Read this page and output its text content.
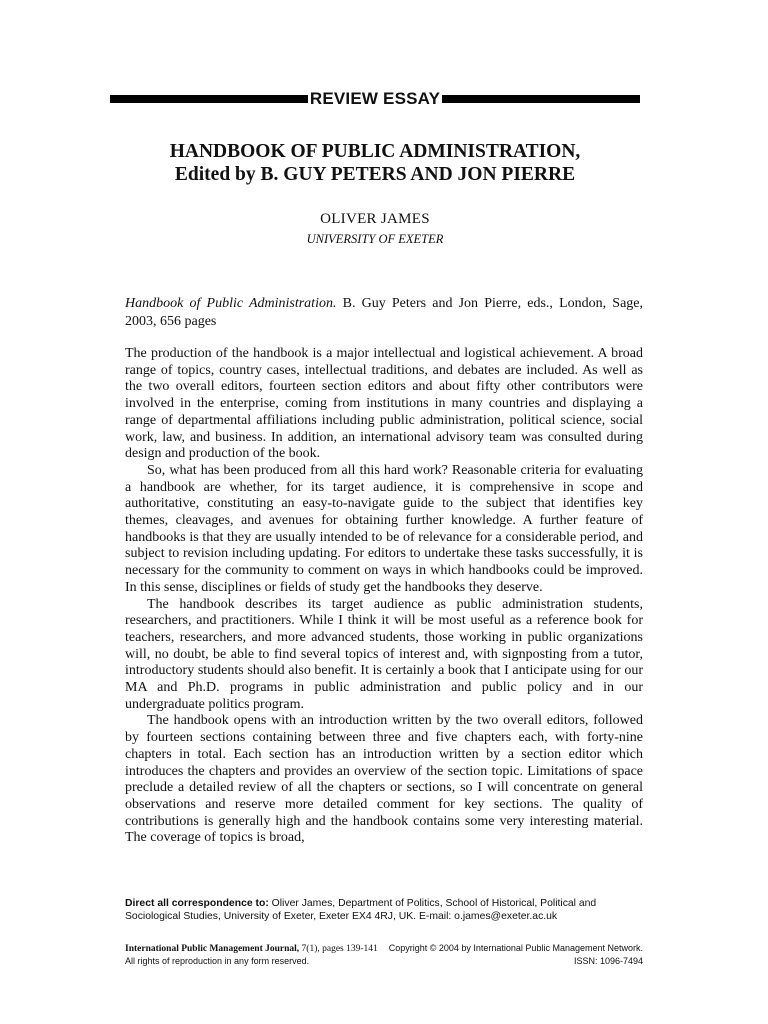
REVIEW ESSAY
HANDBOOK OF PUBLIC ADMINISTRATION,
Edited by B. GUY PETERS AND JON PIERRE
OLIVER JAMES
UNIVERSITY OF EXETER
Handbook of Public Administration. B. Guy Peters and Jon Pierre, eds., London, Sage, 2003, 656 pages

The production of the handbook is a major intellectual and logistical achievement. A broad range of topics, country cases, intellectual traditions, and debates are included. As well as the two overall editors, fourteen section editors and about fifty other contributors were involved in the enterprise, coming from institutions in many countries and displaying a range of departmental affiliations including public administration, political science, social work, law, and business. In addition, an international advisory team was consulted during design and production of the book.

So, what has been produced from all this hard work? Reasonable criteria for evaluating a handbook are whether, for its target audience, it is comprehensive in scope and authoritative, constituting an easy-to-navigate guide to the subject that identifies key themes, cleavages, and avenues for obtaining further knowledge. A further feature of handbooks is that they are usually intended to be of relevance for a considerable period, and subject to revision including updating. For editors to undertake these tasks successfully, it is necessary for the community to comment on ways in which handbooks could be improved. In this sense, disciplines or fields of study get the handbooks they deserve.

The handbook describes its target audience as public administration students, researchers, and practitioners. While I think it will be most useful as a reference book for teachers, researchers, and more advanced students, those working in public organizations will, no doubt, be able to find several topics of interest and, with signposting from a tutor, introductory students should also benefit. It is certainly a book that I anticipate using for our MA and Ph.D. programs in public administration and public policy and in our undergraduate politics program.

The handbook opens with an introduction written by the two overall editors, followed by fourteen sections containing between three and five chapters each, with forty-nine chapters in total. Each section has an introduction written by a section editor which introduces the chapters and provides an overview of the section topic. Limitations of space preclude a detailed review of all the chapters or sections, so I will concentrate on general observations and reserve more detailed comment for key sections. The quality of contributions is generally high and the handbook contains some very interesting material. The coverage of topics is broad,

Direct all correspondence to: Oliver James, Department of Politics, School of Historical, Political and Sociological Studies, University of Exeter, Exeter EX4 4RJ, UK. E-mail: o.james@exeter.ac.uk
International Public Management Journal, 7(1), pages 139-141 Copyright © 2004 by International Public Management Network.
All rights of reproduction in any form reserved.	ISSN: 1096-7494
